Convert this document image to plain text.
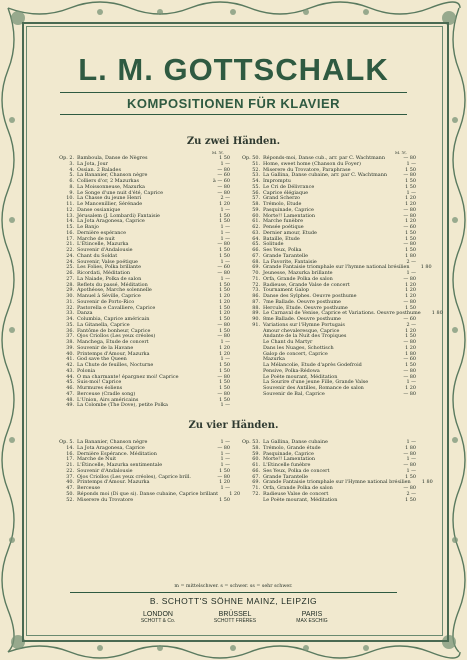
L. M. GOTTSCHALK
KOMPOSITIONEN FÜR KLAVIER
Zu zwei Händen.
M. ℳ.	M. ℳ.
Op. 2. Bamboula, Danse de Nègres	1 50
3. La Jota, Jour	1 —
4. Ossian. 2 Balades	— 80
5. La Bananier, Chanson nègre	— 60
6. Colliers d'or, 2 Mazurkas	à — 60
8. La Moissonneuse, Mazurka	— 80
9. Le Songe d'une nuit d'été, Caprice	— 80
10. La Chasse du jeune Henri	2 —
11. Le Mancenillier, Sérénade	1 20
12. Danse ossianique	1 —
13. Jérusalem (J. Lombardi) Fantaisie	1 50
14. La Jota Aragonesa, Caprice	1 50
15. Le Banjo	1 —
16. Dernière espérance	1 —
17. Marche de nuit	1 —
21. L'Étincelle, Mazurka	— 80
22. Souvenir d'Andalousie	1 50
24. Chant du Soldat	1 50
24. Souvenir, Valse poétique	1 —
25. Les Folies, Polka brillante	— 60
26. Ricordati, Méditation	— 80
27. La Naiade, Polka de salon	1 —
28. Reflets du passé, Méditation	1 50
29. Apothéose, Marche solennelle	1 50
30. Manuel à Séville, Caprice	1 20
31. Souvenir de Porto-Rico	1 20
32. Pastorella e Cavalliere, Caprice	1 50
33. Danza	1 20
34. Columbia, Caprice américain	1 50
35. La Gitanella, Caprice	— 80
36. Fantôme de bonheur, Caprice	1 50
37. Ojos Criollos (Les yeux créoles)	— 80
38. Manchega, Etude de concert	1 —
39. Souvenir de la Havane	1 20
40. Printemps d'Amour, Mazurka	1 20
41. God save the Queen	1 —
42. La Chute de feuilles, Nocturne	1 50
43. Polonia	1 50
44. O ma charmante! épargnez moi! Caprice	— 80
45. Suis-moi! Caprice	1 50
46. Murmures éoliens	1 50
47. Berceuse (Cradle song)	— 80
48. L'Union, Airs américains	1 50
49. La Colombe (The Dove), petite Polka	1 —
Op. 50. Réponds-moi, Danse cub., arr. par C. Wachtmann	— 80
51. Home, sweet home (Chanson du Foyer)	1 —
52. Miserere du Trovatore, Paraphrase	1 50
53. La Gallina, Danse cubaine, arr. par C. Wachtmann	— 80
54. Impromptu	1 50
55. Le Cri de Délivrance	1 50
56. Caprice élégiaque	1 —
57. Grand Scherzo	1 20
58. Trémolo, Etude	1 20
59. Pasquinade, Caprice	— 80
60. Morte!! Lamentation	— 80
61. Marche funèbre	1 20
62. Pensée poétique	— 60
63. Dernier amour, Etude	1 50
64. Bataille, Etude	1 50
65. Solitude	— 80
66. Ses Yeux, Polka	1 50
67. Grande Tarantelle	1 80
68. La Favorite, Fantaisie	2 —
69. Grande Fantaisie triomphale sur l'hymne national brésilien	1 80
70. Jeunesse, Mazurka brillante	1 —
71. Orfa, Grande Polka de salon	— 80
72. Radieuse, Grande Valse de concert	1 20
73. Tournament Galop	1 20
86. Danse des Sylphes. Oeuvre posthume	1 20
87. 7me Ballade. Oeuvre posthume	— 80
88. Hercule, Etude. Oeuvre posthume	1 50
89. Le Carnaval de Venise, Caprice et Variations. Oeuvre posthume	1 80
90. 8me Ballade. Oeuvre posthume	— 60
91. Variations sur l'Hymne Portugais	2 —
Amour chevaleresque, Caprice	1 20
Andante de la Nuit des Tropiques	1 50
Le Chant du Martyr	— 80
Dans les Nuages, Schottisch	1 20
Galop de concert, Caprice	1 80
Mazurka	— 60
La Mélancolie, Etude d'après Godefroid	1 50
Pensive, Polka-Rédowa	— 80
Le Poète mourant, Méditation	— 80
La Sourire d'une jeune Fille, Grande Valse	1 —
Souvenir des Antilles, Romance de salon	1 20
Souvenir de Bal, Caprice	— 80
Zu vier Händen.
Op. 5. La Bananier, Chanson nègre	1 —
14. La Jota Aragonesa, Caprice	— 80
16. Dernière Espérance. Méditation	1 —
17. Marche de Nuit	1 —
21. L'Étincelle, Mazurka sentimentale	1 —
22. Souvenir d'Andalousie	1 50
37. Ojos Criollos (Les yeux créoles), Caprice brill.	— 80
40. Printemps d'Amour. Mazurka	1 20
47. Berceuse	1 —
50. Réponds moi (Di que si). Danse cubaine, Caprice brillant	1 20
52. Miserere du Trovatore	1 50
Op. 53. La Gallina, Danse cubaine	1 —
58. Trémolo, Grande étude	1 80
59. Pasquinade, Caprice	— 80
60. Morte!! Lamentation	1 —
61. L'Etincelle funèbre	— 80
66. Ses Yeux, Polka de concert	1 —
67. Grande Tarantelle	1 50
69. Grande Fantaisie triomphale sur l'Hymne national brésilien	1 80
71. Orfa, Grande Polka de salon	— 80
72. Radieuse Valse de concert	2 —
Le Poète mourant, Méditation	1 50
m = mittelschwer. s = schwer. ss = sehr schwer.
B. SCHOTT'S SÖHNE MAINZ, LEIPZIG
LONDON
SCHOTT & Co.
BRÜSSEL
SCHOTT FRÈRES
PARIS
MAX ESCHIG
